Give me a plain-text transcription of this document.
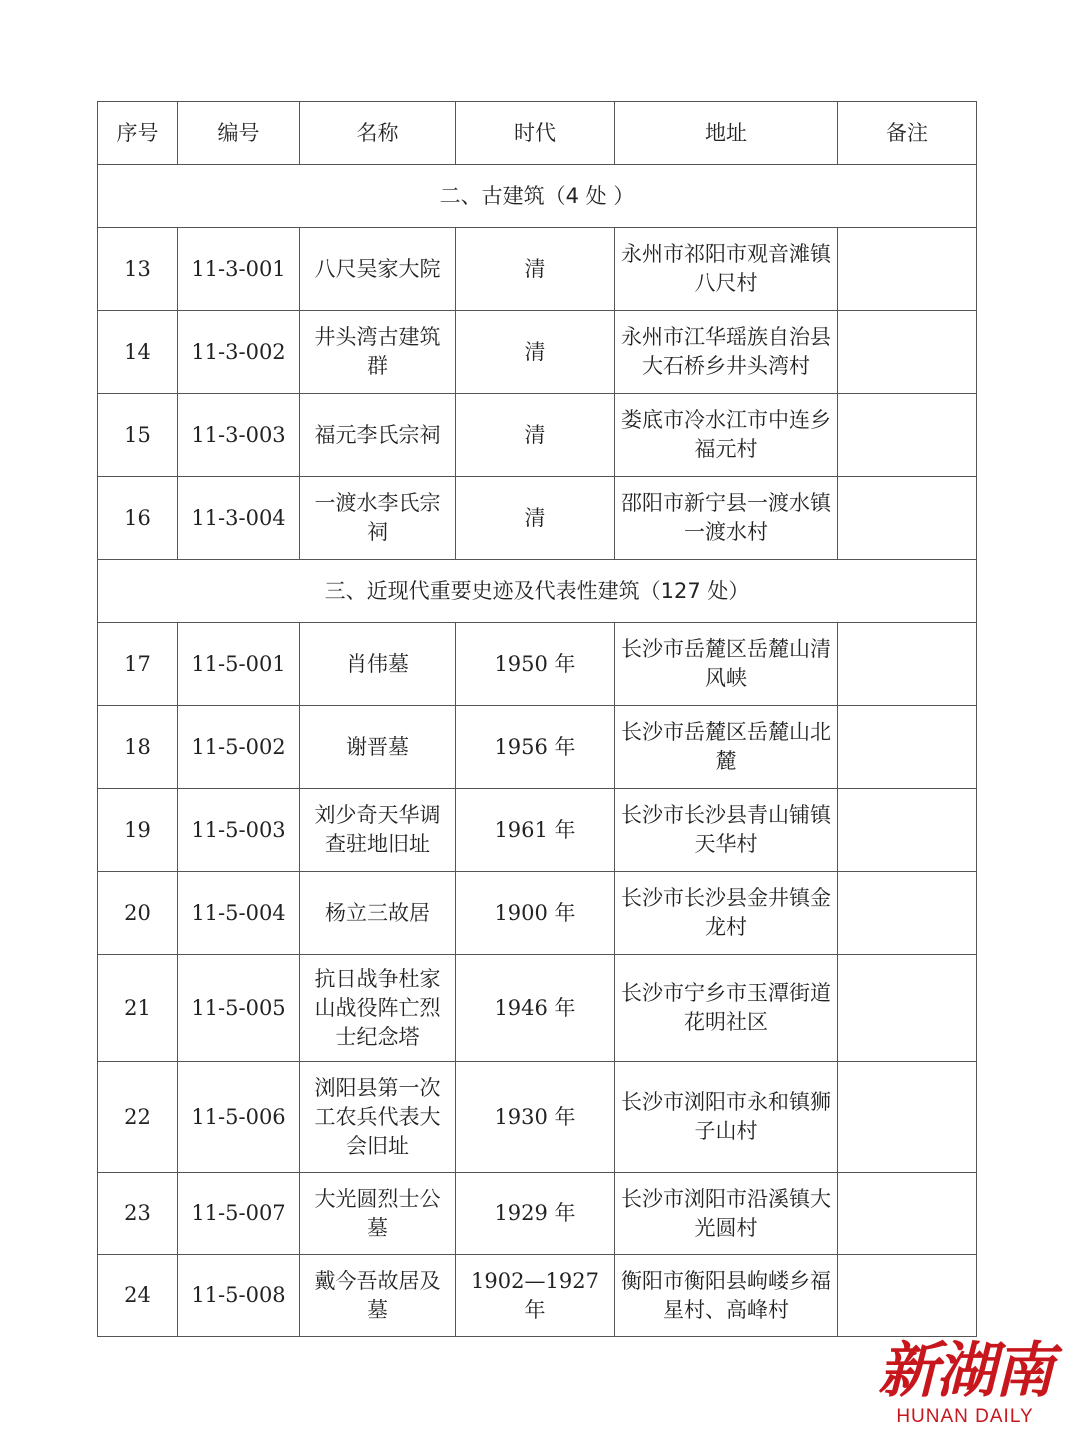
序号	编号	名称	时代	地址	备注
二、古建筑（4 处 ）					
13	11-3-001	八尺吴家大院	清	永州市祁阳市观音滩镇八尺村	
14	11-3-002	井头湾古建筑群	清	永州市江华瑶族自治县大石桥乡井头湾村	
15	11-3-003	福元李氏宗祠	清	娄底市冷水江市中连乡福元村	
16	11-3-004	一渡水李氏宗祠	清	邵阳市新宁县一渡水镇一渡水村	
三、近现代重要史迹及代表性建筑（127 处）					
17	11-5-001	肖伟墓	1950 年	长沙市岳麓区岳麓山清风峡	
18	11-5-002	谢晋墓	1956 年	长沙市岳麓区岳麓山北麓	
19	11-5-003	刘少奇天华调查驻地旧址	1961 年	长沙市长沙县青山铺镇天华村	
20	11-5-004	杨立三故居	1900 年	长沙市长沙县金井镇金龙村	
21	11-5-005	抗日战争杜家山战役阵亡烈士纪念塔	1946 年	长沙市宁乡市玉潭街道花明社区	
22	11-5-006	浏阳县第一次工农兵代表大会旧址	1930 年	长沙市浏阳市永和镇狮子山村	
23	11-5-007	大光圆烈士公墓	1929 年	长沙市浏阳市沿溪镇大光圆村	
24	11-5-008	戴今吾故居及墓	1902—1927 年	衡阳市衡阳县岣嵝乡福星村、高峰村	
新湖南
HUNAN DAILY
